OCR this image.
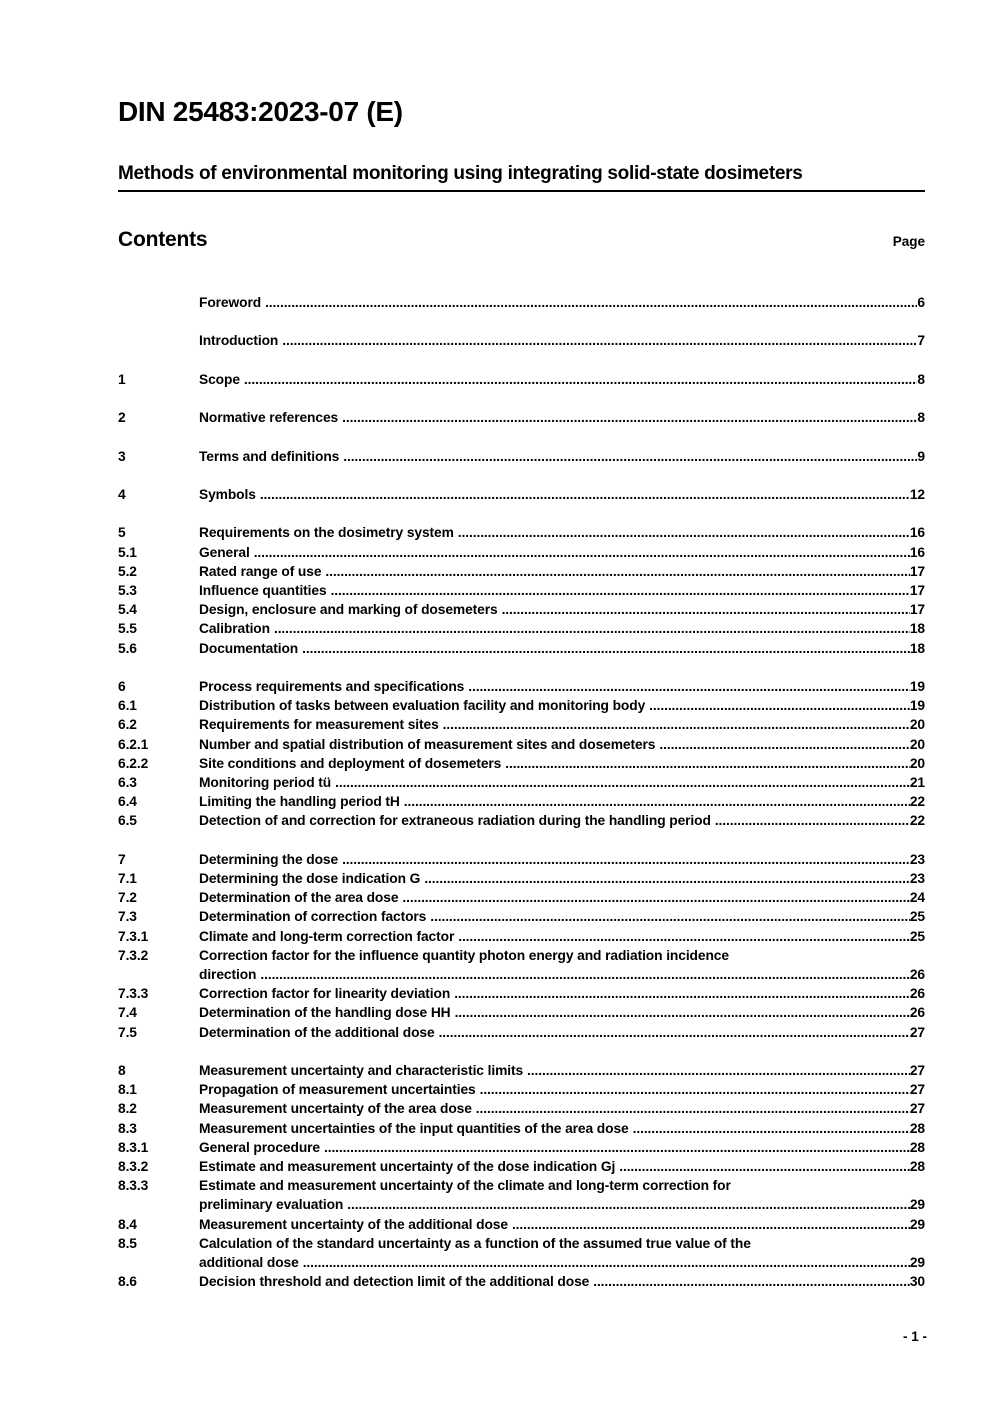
DIN 25483:2023-07 (E)
Methods of environmental monitoring using integrating solid-state dosimeters
Contents	Page
Foreword .....	6
Introduction .....	7
1	Scope .....	8
2	Normative references .....	8
3	Terms and definitions .....	9
4	Symbols .....	12
5	Requirements on the dosimetry system .....	16
5.1	General .....	16
5.2	Rated range of use .....	17
5.3	Influence quantities .....	17
5.4	Design, enclosure and marking of dosemeters .....	17
5.5	Calibration .....	18
5.6	Documentation .....	18
6	Process requirements and specifications .....	19
6.1	Distribution of tasks between evaluation facility and monitoring body .....	19
6.2	Requirements for measurement sites .....	20
6.2.1	Number and spatial distribution of measurement sites and dosemeters .....	20
6.2.2	Site conditions and deployment of dosemeters .....	20
6.3	Monitoring period tü .....	21
6.4	Limiting the handling period tH .....	22
6.5	Detection of and correction for extraneous radiation during the handling period .....	22
7	Determining the dose .....	23
7.1	Determining the dose indication G .....	23
7.2	Determination of the area dose .....	24
7.3	Determination of correction factors .....	25
7.3.1	Climate and long-term correction factor .....	25
7.3.2	Correction factor for the influence quantity photon energy and radiation incidence
direction .....	26
7.3.3	Correction factor for linearity deviation .....	26
7.4	Determination of the handling dose HH .....	26
7.5	Determination of the additional dose .....	27
8	Measurement uncertainty and characteristic limits .....	27
8.1	Propagation of measurement uncertainties .....	27
8.2	Measurement uncertainty of the area dose .....	27
8.3	Measurement uncertainties of the input quantities of the area dose .....	28
8.3.1	General procedure .....	28
8.3.2	Estimate and measurement uncertainty of the dose indication Gj .....	28
8.3.3	Estimate and measurement uncertainty of the climate and long-term correction for
preliminary evaluation .....	29
8.4	Measurement uncertainty of the additional dose .....	29
8.5	Calculation of the standard uncertainty as a function of the assumed true value of the
additional dose .....	29
8.6	Decision threshold and detection limit of the additional dose .....	30
- 1 -
